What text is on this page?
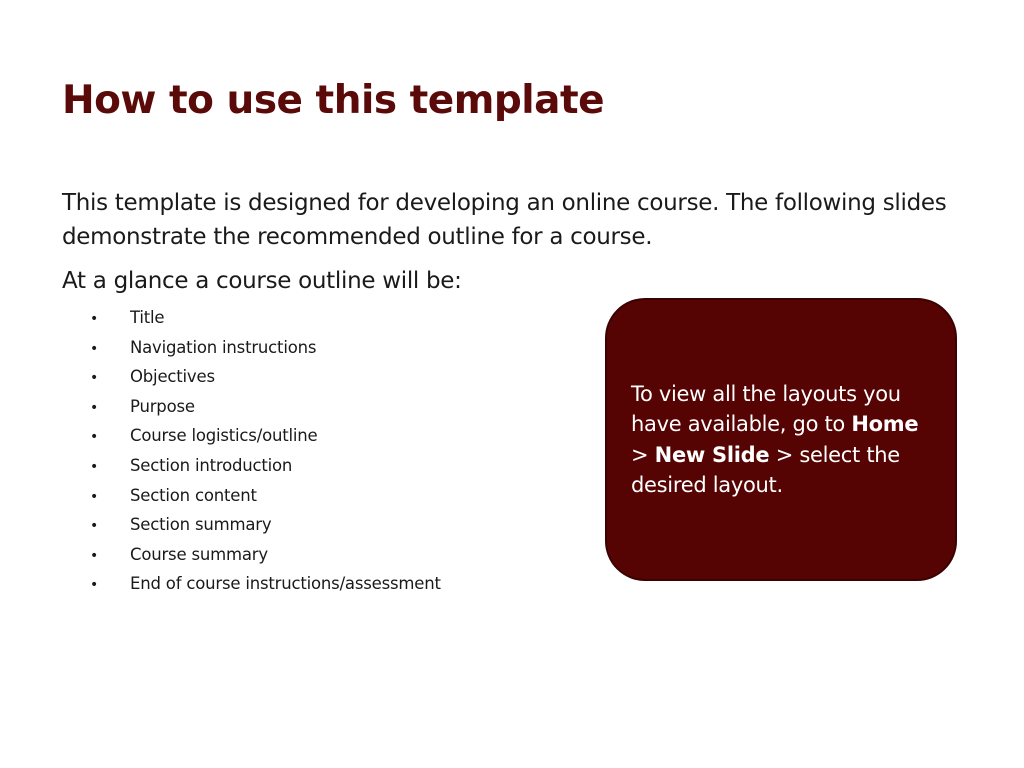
How to use this template

This template is designed for developing an online course. The following slides demonstrate the recommended outline for a course.

At a glance a course outline will be:

• Title
• Navigation instructions
• Objectives
• Purpose
• Course logistics/outline
• Section introduction
• Section content
• Section summary
• Course summary
• End of course instructions/assessment

To view all the layouts you have available, go to Home > New Slide > select the desired layout.
